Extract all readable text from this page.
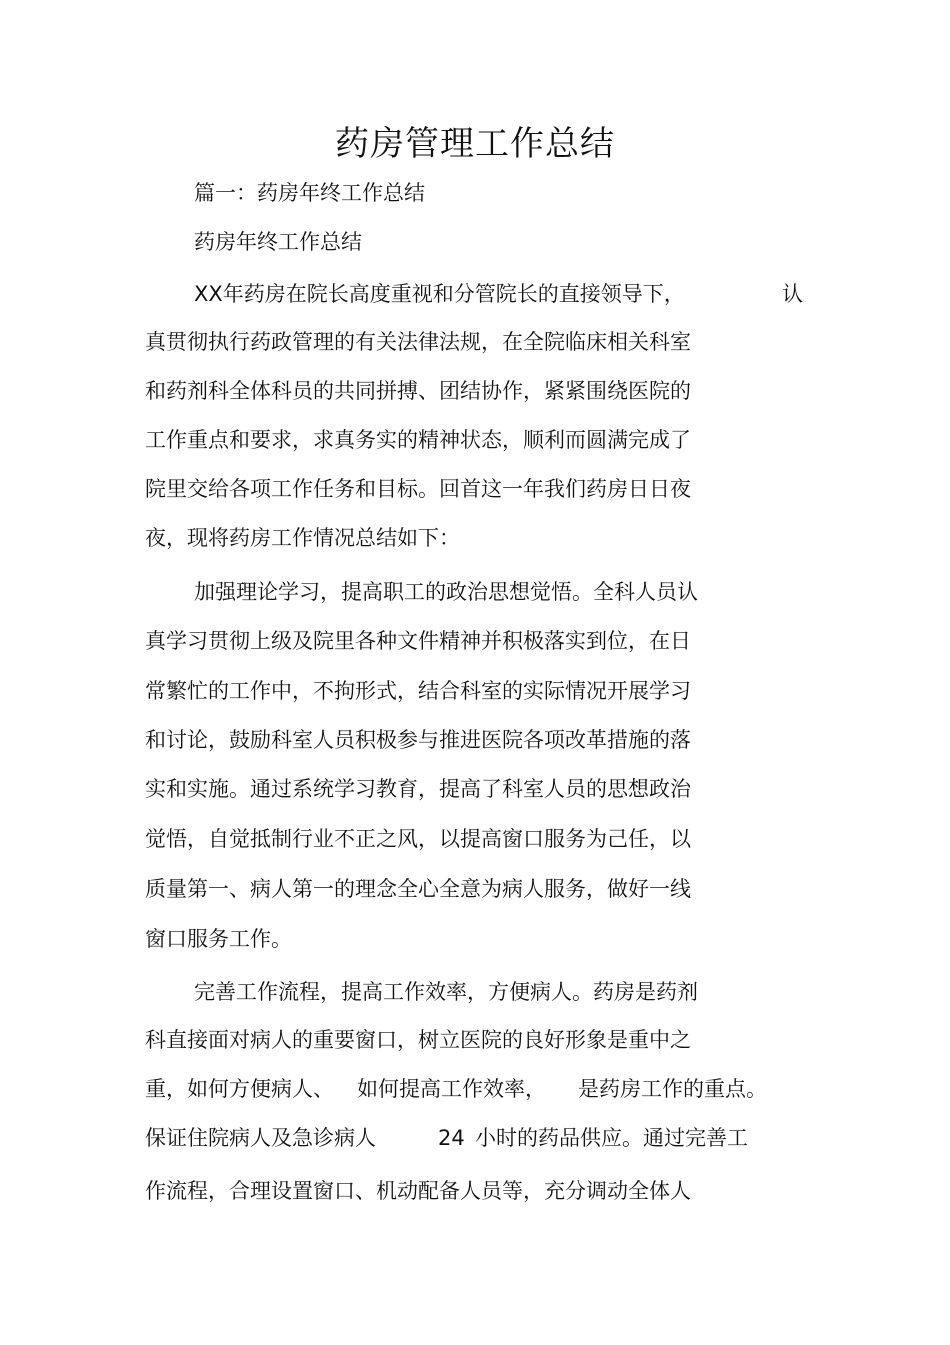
药房管理工作总结
篇一：药房年终工作总结
药房年终工作总结
XX年药房在院长高度重视和分管院长的直接领导下，	认
真贯彻执行药政管理的有关法律法规，在全院临床相关科室
和药剂科全体科员的共同拼搏、团结协作，紧紧围绕医院的
工作重点和要求，求真务实的精神状态，顺利而圆满完成了
院里交给各项工作任务和目标。回首这一年我们药房日日夜
夜，现将药房工作情况总结如下：
加强理论学习，提高职工的政治思想觉悟。全科人员认
真学习贯彻上级及院里各种文件精神并积极落实到位，在日
常繁忙的工作中，不拘形式，结合科室的实际情况开展学习
和讨论，鼓励科室人员积极参与推进医院各项改革措施的落
实和实施。通过系统学习教育，提高了科室人员的思想政治
觉悟，自觉抵制行业不正之风，以提高窗口服务为己任，以
质量第一、病人第一的理念全心全意为病人服务，做好一线
窗口服务工作。
完善工作流程，提高工作效率，方便病人。药房是药剂
科直接面对病人的重要窗口，树立医院的良好形象是重中之
重，如何方便病人、 如何提高工作效率， 是药房工作的重点。
保证住院病人及急诊病人	24 小时的药品供应。通过完善工
作流程，合理设置窗口、机动配备人员等，充分调动全体人
